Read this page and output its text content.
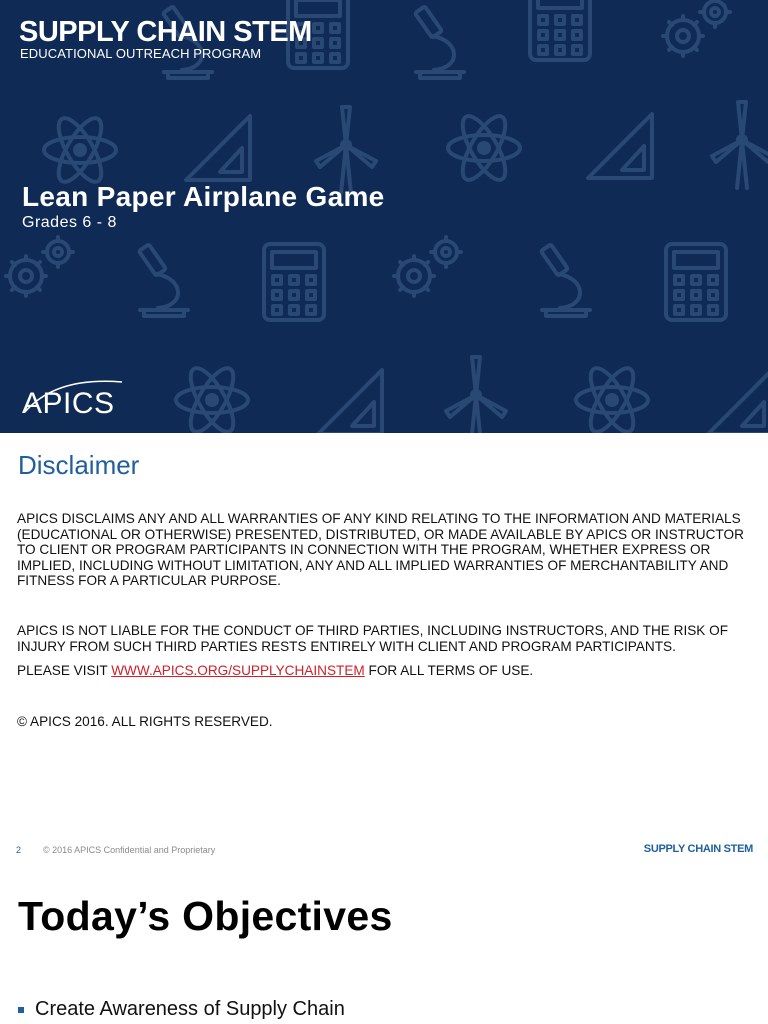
SUPPLY CHAIN STEM
EDUCATIONAL OUTREACH PROGRAM
Lean Paper Airplane Game
Grades 6 - 8
APICS
Disclaimer

APICS DISCLAIMS ANY AND ALL WARRANTIES OF ANY KIND RELATING TO THE INFORMATION AND MATERIALS (EDUCATIONAL OR OTHERWISE) PRESENTED, DISTRIBUTED, OR MADE AVAILABLE BY APICS OR INSTRUCTOR TO CLIENT OR PROGRAM PARTICIPANTS IN CONNECTION WITH THE PROGRAM, WHETHER EXPRESS OR IMPLIED, INCLUDING WITHOUT LIMITATION, ANY AND ALL IMPLIED WARRANTIES OF MERCHANTABILITY AND FITNESS FOR A PARTICULAR PURPOSE.

APICS IS NOT LIABLE FOR THE CONDUCT OF THIRD PARTIES, INCLUDING INSTRUCTORS, AND THE RISK OF INJURY FROM SUCH THIRD PARTIES RESTS ENTIRELY WITH CLIENT AND PROGRAM PARTICIPANTS.

PLEASE VISIT WWW.APICS.ORG/SUPPLYCHAINSTEM FOR ALL TERMS OF USE.

© APICS 2016. ALL RIGHTS RESERVED.

2 © 2016 APICS Confidential and Proprietary	SUPPLY CHAIN STEM
Today’s Objectives
Create Awareness of Supply Chain
